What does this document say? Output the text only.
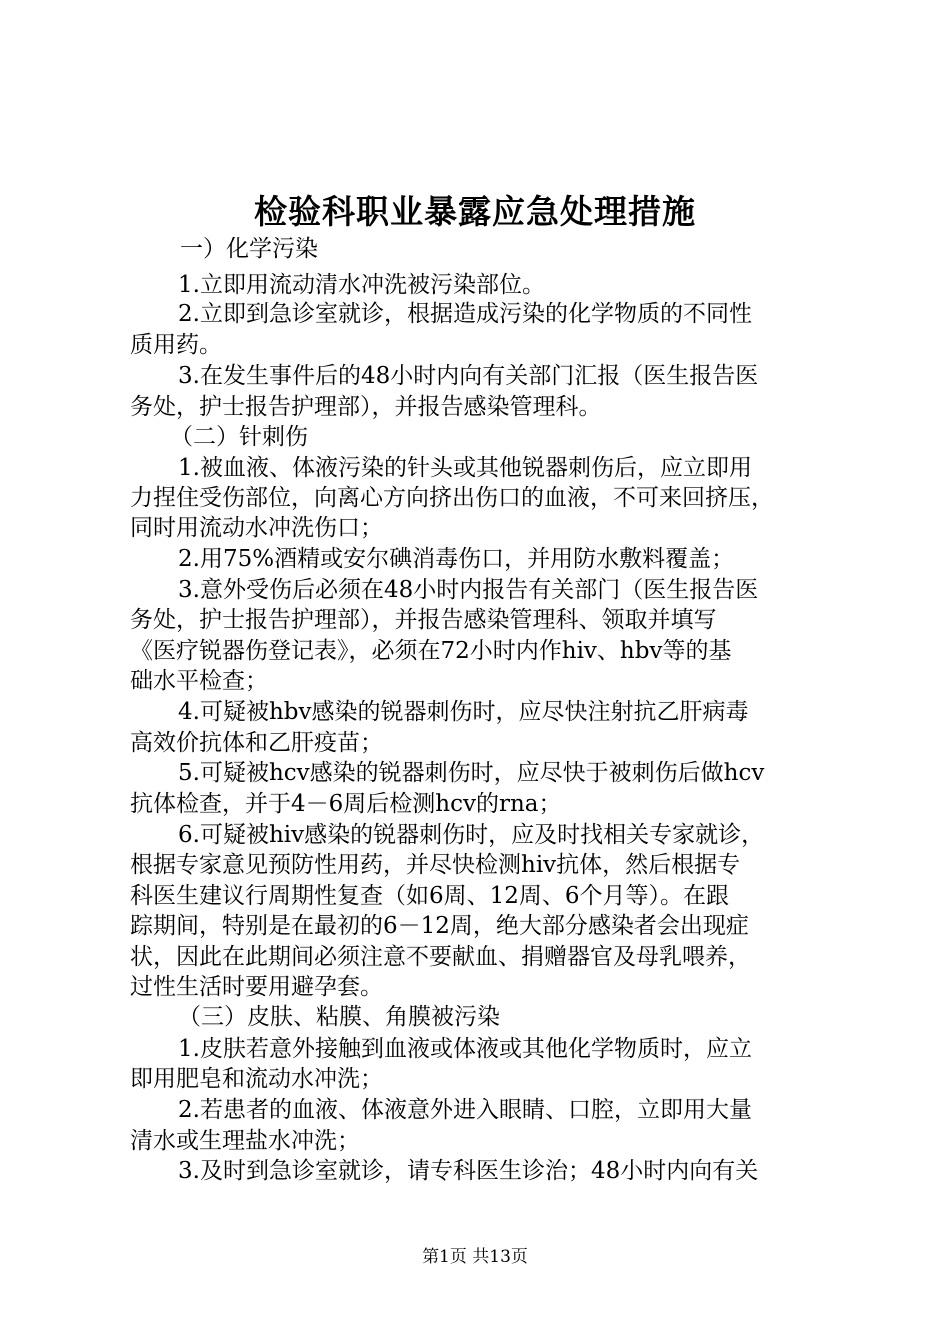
检验科职业暴露应急处理措施
一）化学污染
1.立即用流动清水冲洗被污染部位。
2.立即到急诊室就诊，根据造成污染的化学物质的不同性
质用药。
3.在发生事件后的48小时内向有关部门汇报（医生报告医
务处，护士报告护理部），并报告感染管理科。
（二）针刺伤
1.被血液、体液污染的针头或其他锐器刺伤后，应立即用
力捏住受伤部位，向离心方向挤出伤口的血液，不可来回挤压，
同时用流动水冲洗伤口；
2.用75%酒精或安尔碘消毒伤口，并用防水敷料覆盖；
3.意外受伤后必须在48小时内报告有关部门（医生报告医
务处，护士报告护理部），并报告感染管理科、领取并填写
《医疗锐器伤登记表》，必须在72小时内作hiv、hbv等的基
础水平检查；
4.可疑被hbv感染的锐器刺伤时，应尽快注射抗乙肝病毒
高效价抗体和乙肝疫苗；
5.可疑被hcv感染的锐器刺伤时，应尽快于被刺伤后做hcv
抗体检查，并于4－6周后检测hcv的rna；
6.可疑被hiv感染的锐器刺伤时，应及时找相关专家就诊，
根据专家意见预防性用药，并尽快检测hiv抗体，然后根据专
科医生建议行周期性复查（如6周、12周、6个月等）。在跟
踪期间，特别是在最初的6－12周，绝大部分感染者会出现症
状，因此在此期间必须注意不要献血、捐赠器官及母乳喂养，
过性生活时要用避孕套。
（三）皮肤、粘膜、角膜被污染
1.皮肤若意外接触到血液或体液或其他化学物质时，应立
即用肥皂和流动水冲洗；
2.若患者的血液、体液意外进入眼睛、口腔，立即用大量
清水或生理盐水冲洗；
3.及时到急诊室就诊，请专科医生诊治；48小时内向有关
第1页 共13页
